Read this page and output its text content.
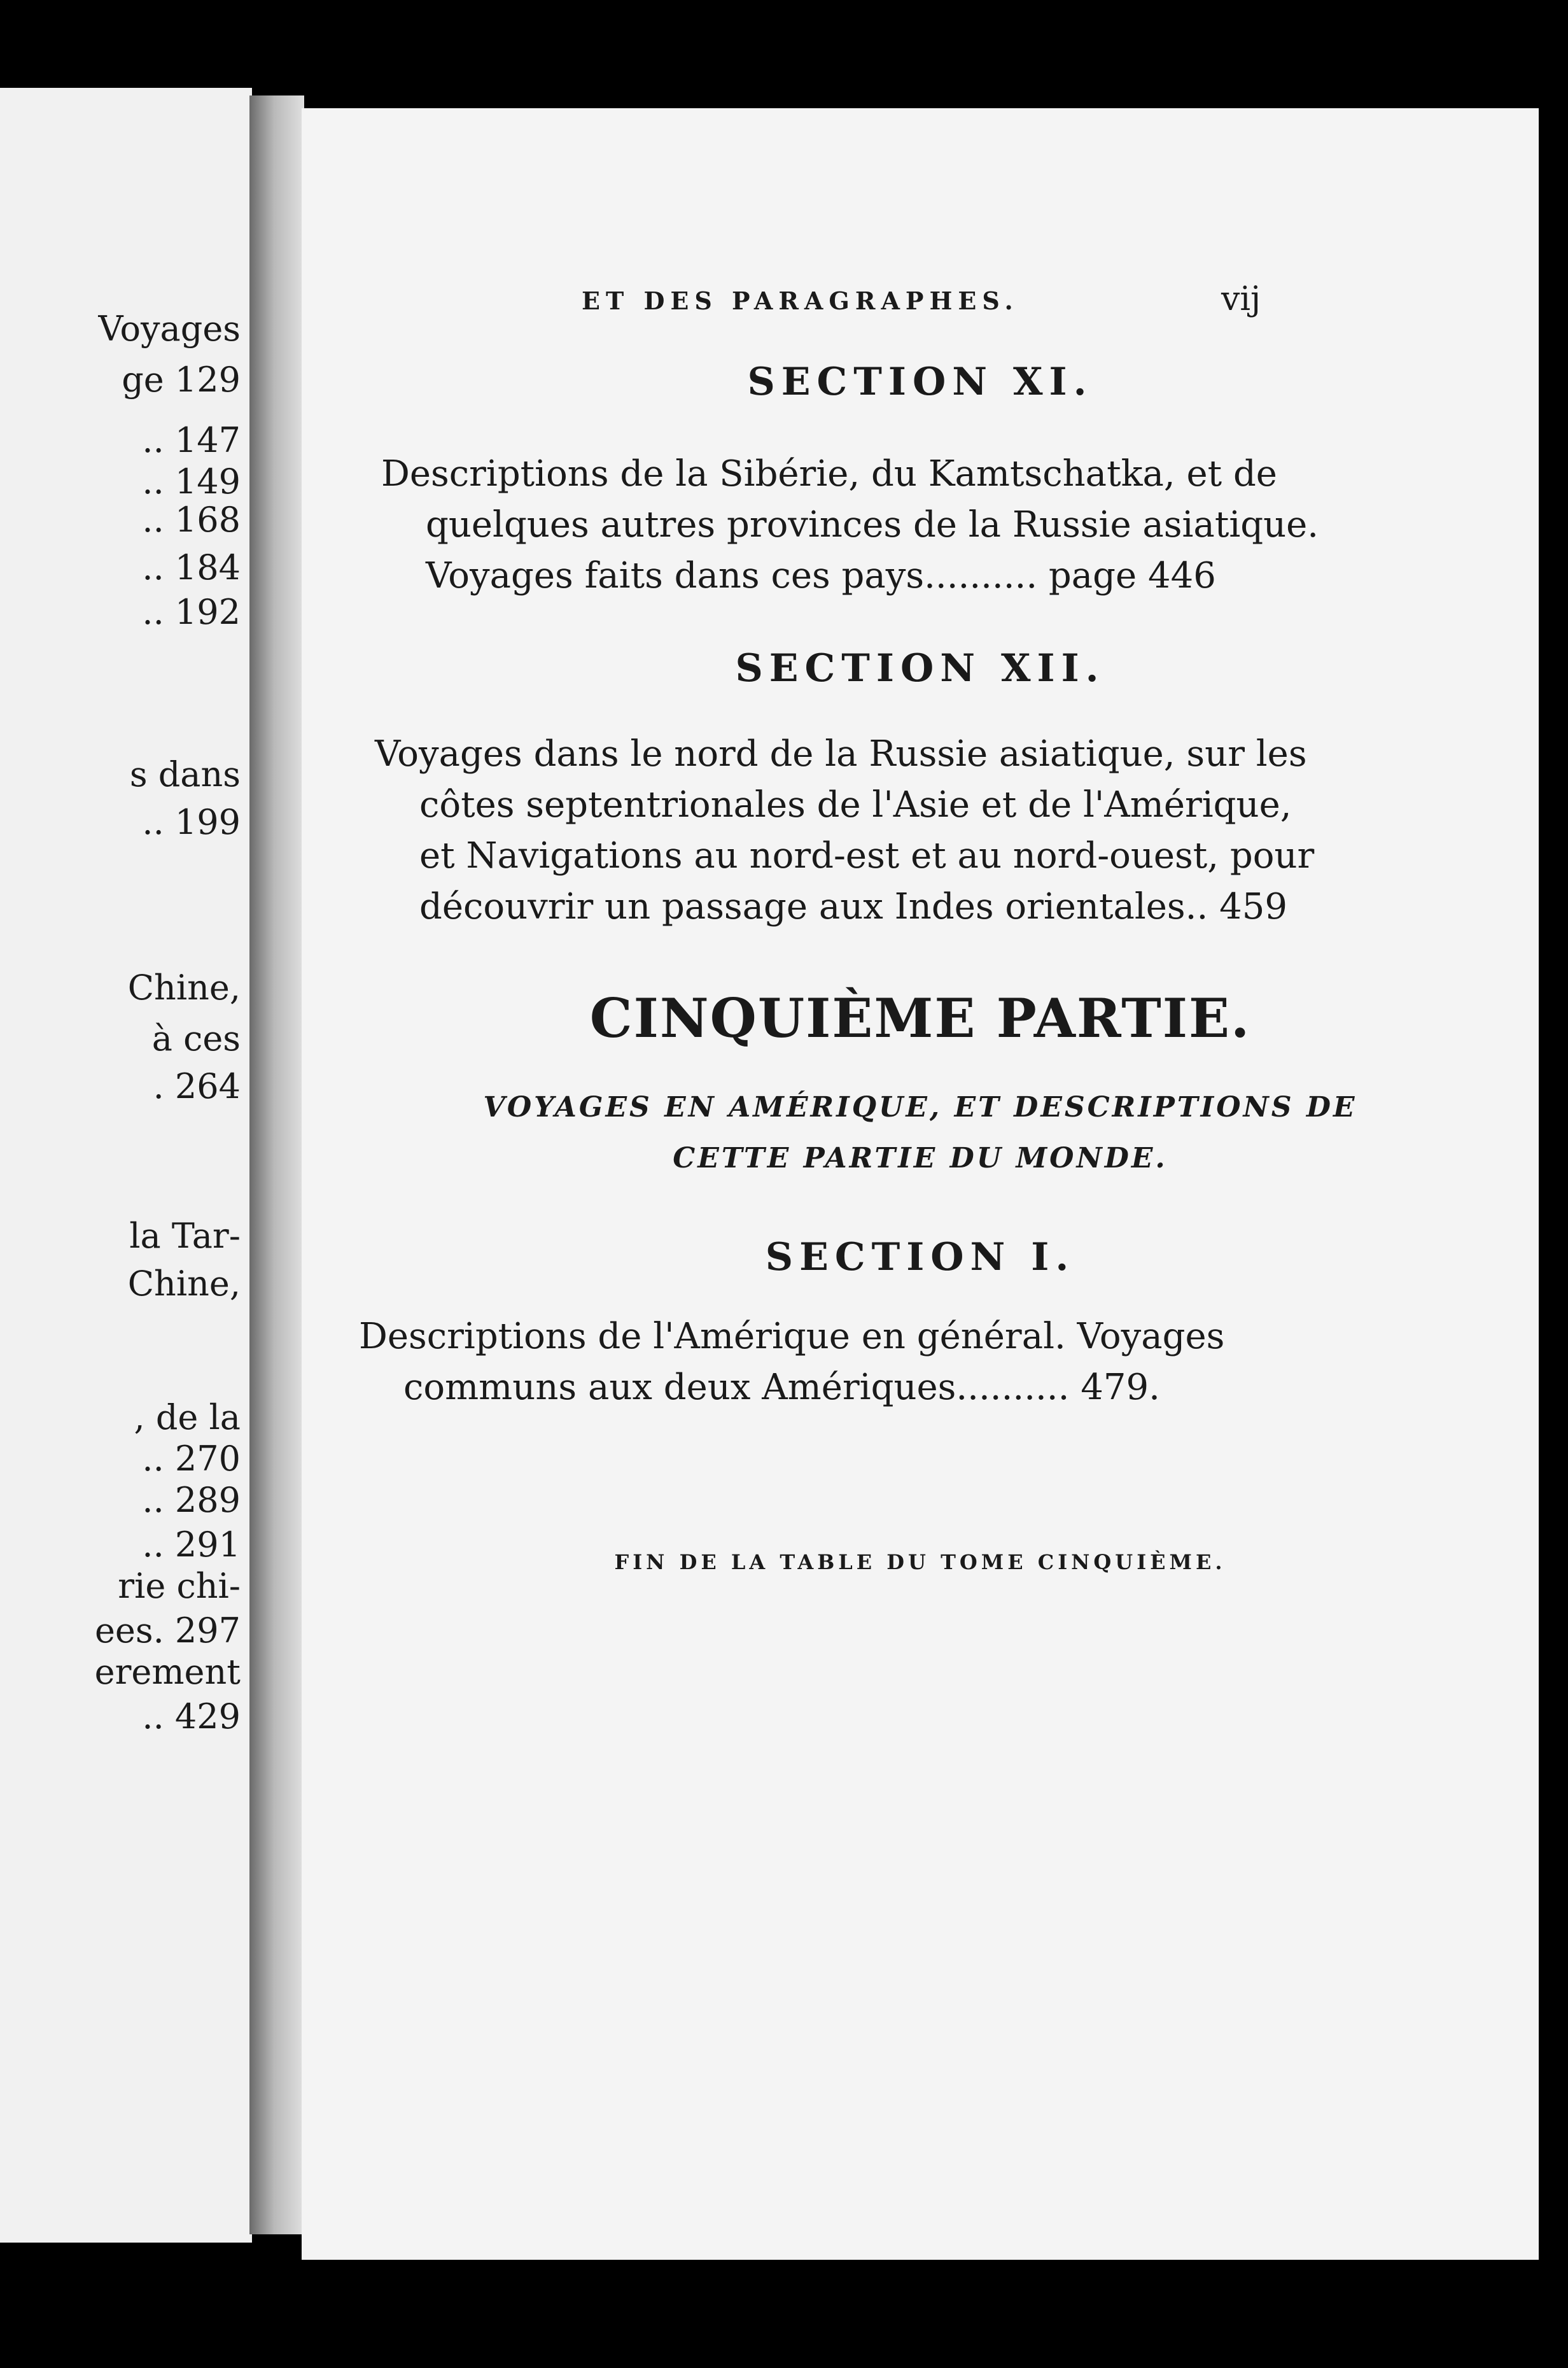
Voyages
ge 129
.. 147
.. 149
.. 168
.. 184
.. 192
s dans
.. 199
Chine,
à ces
. 264
la Tar-
Chine,
, de la
.. 270
.. 289
.. 291
rie chi-
ees. 297
erement
.. 429
ET DES PARAGRAPHES.	vij
SECTION XI.
Descriptions de la Sibérie, du Kamtschatka, et de
quelques autres provinces de la Russie asiatique.
Voyages faits dans ces pays.......... page 446
SECTION XII.
Voyages dans le nord de la Russie asiatique, sur les
côtes septentrionales de l'Asie et de l'Amérique,
et Navigations au nord-est et au nord-ouest, pour
découvrir un passage aux Indes orientales.. 459
CINQUIÈME PARTIE.
VOYAGES EN AMÉRIQUE, ET DESCRIPTIONS DE
CETTE PARTIE DU MONDE.
SECTION I.
Descriptions de l'Amérique en général. Voyages
communs aux deux Amériques.......... 479.
FIN DE LA TABLE DU TOME CINQUIÈME.
